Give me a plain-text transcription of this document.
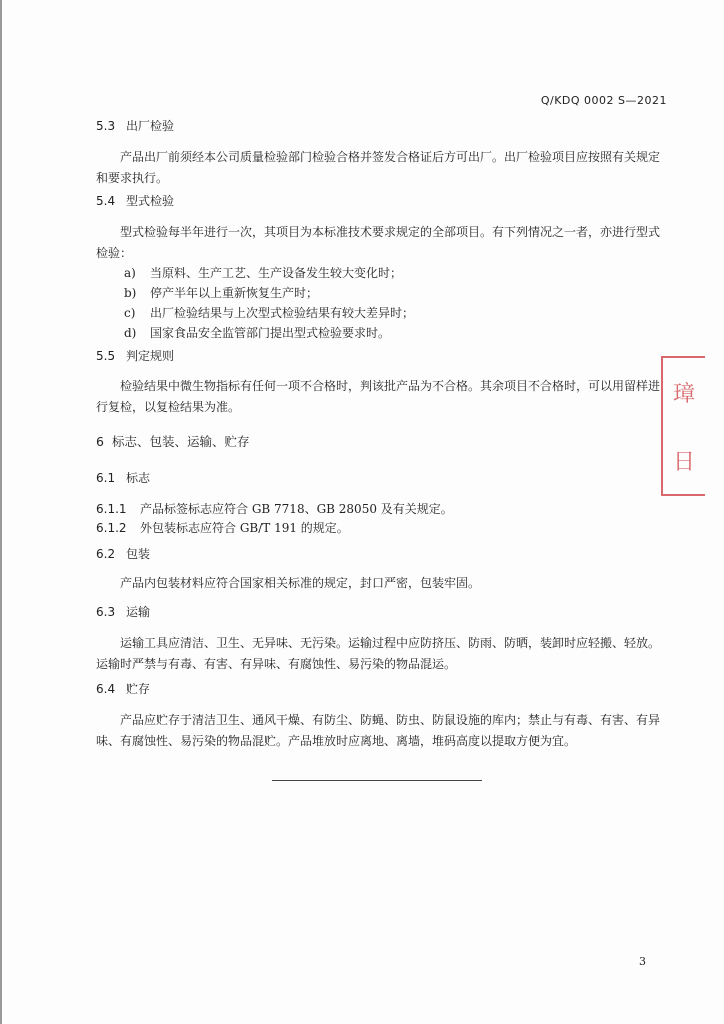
Q/KDQ 0002 S—2021
5.3 出厂检验
产品出厂前须经本公司质量检验部门检验合格并签发合格证后方可出厂。出厂检验项目应按照有关规定和要求执行。
5.4 型式检验
型式检验每半年进行一次，其项目为本标准技术要求规定的全部项目。有下列情况之一者，亦进行型式检验：
a) 当原料、生产工艺、生产设备发生较大变化时；
b) 停产半年以上重新恢复生产时；
c) 出厂检验结果与上次型式检验结果有较大差异时；
d) 国家食品安全监管部门提出型式检验要求时。
5.5 判定规则
检验结果中微生物指标有任何一项不合格时，判该批产品为不合格。其余项目不合格时，可以用留样进行复检，以复检结果为准。
6 标志、包装、运输、贮存
6.1 标志
6.1.1 产品标签标志应符合 GB 7718、GB 28050 及有关规定。
6.1.2 外包装标志应符合 GB/T 191 的规定。
6.2 包装
产品内包装材料应符合国家相关标准的规定，封口严密，包装牢固。
6.3 运输
运输工具应清洁、卫生、无异味、无污染。运输过程中应防挤压、防雨、防晒，装卸时应轻搬、轻放。运输时严禁与有毒、有害、有异味、有腐蚀性、易污染的物品混运。
6.4 贮存
产品应贮存于清洁卫生、通风干燥、有防尘、防蝇、防虫、防鼠设施的库内；禁止与有毒、有害、有异味、有腐蚀性、易污染的物品混贮。产品堆放时应离地、离墙，堆码高度以提取方便为宜。
3
璋
日
